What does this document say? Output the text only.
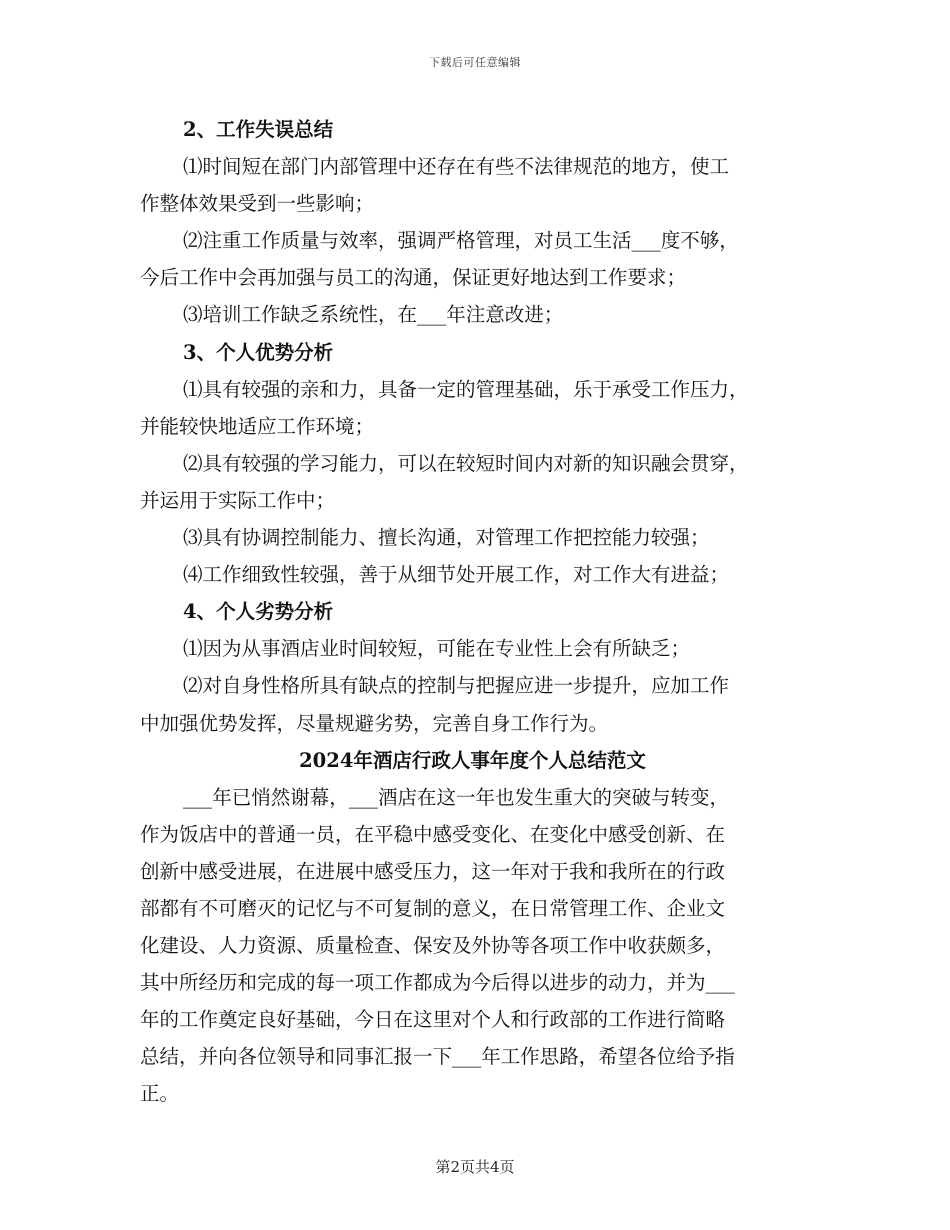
下载后可任意编辑

2、工作失误总结

⑴时间短在部门内部管理中还存在有些不法律规范的地方，使工

作整体效果受到一些影响；

⑵注重工作质量与效率，强调严格管理，对员工生活___度不够，

今后工作中会再加强与员工的沟通，保证更好地达到工作要求；

⑶培训工作缺乏系统性，在___年注意改进；

3、个人优势分析

⑴具有较强的亲和力，具备一定的管理基础，乐于承受工作压力，

并能较快地适应工作环境；

⑵具有较强的学习能力，可以在较短时间内对新的知识融会贯穿，

并运用于实际工作中；

⑶具有协调控制能力、擅长沟通，对管理工作把控能力较强；

⑷工作细致性较强，善于从细节处开展工作，对工作大有进益；

4、个人劣势分析

⑴因为从事酒店业时间较短，可能在专业性上会有所缺乏；

⑵对自身性格所具有缺点的控制与把握应进一步提升，应加工作

中加强优势发挥，尽量规避劣势，完善自身工作行为。

2024年酒店行政人事年度个人总结范文

___年已悄然谢幕，___酒店在这一年也发生重大的突破与转变，

作为饭店中的普通一员，在平稳中感受变化、在变化中感受创新、在

创新中感受进展，在进展中感受压力，这一年对于我和我所在的行政

部都有不可磨灭的记忆与不可复制的意义，在日常管理工作、企业文

化建设、人力资源、质量检查、保安及外协等各项工作中收获颇多，

其中所经历和完成的每一项工作都成为今后得以进步的动力，并为___

年的工作奠定良好基础，今日在这里对个人和行政部的工作进行简略

总结，并向各位领导和同事汇报一下___年工作思路，希望各位给予指

正。

第2页共4页
